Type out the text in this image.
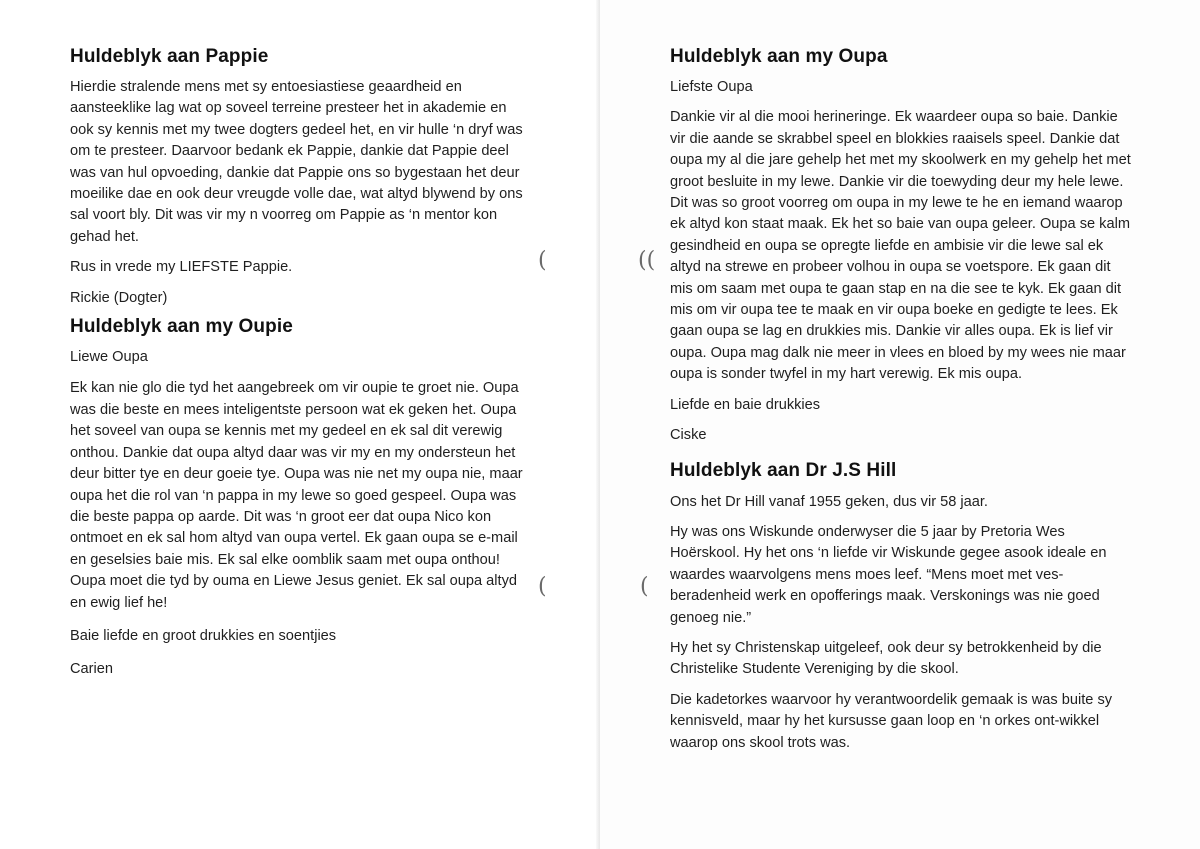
Huldeblyk aan Pappie

Hierdie stralende mens met sy entoesiastiese geaardheid en aansteeklike lag wat op soveel terreine presteer het in akademie en ook sy kennis met my twee dogters gedeel het, en vir hulle ‘n dryf was om te presteer. Daarvoor bedank ek Pappie, dankie dat Pappie deel was van hul opvoeding, dankie dat Pappie ons so bygestaan het deur moeilike dae en ook deur vreugde volle dae, wat altyd blywend by ons sal voort bly. Dit was vir my n voorreg om Pappie as ‘n mentor kon gehad het.

Rus in vrede my LIEFSTE Pappie.

Rickie (Dogter)

Huldeblyk aan my Oupie

Liewe Oupa

Ek kan nie glo die tyd het aangebreek om vir oupie te groet nie. Oupa was die beste en mees inteligentste persoon wat ek geken het. Oupa het soveel van oupa se kennis met my gedeel en ek sal dit verewig onthou. Dankie dat oupa altyd daar was vir my en my ondersteun het deur bitter tye en deur goeie tye. Oupa was nie net my oupa nie, maar oupa het die rol van ‘n pappa in my lewe so goed gespeel. Oupa was die beste pappa op aarde. Dit was ‘n groot eer dat oupa Nico kon ontmoet en ek sal hom altyd van oupa vertel. Ek gaan oupa se e-mail en geselsies baie mis. Ek sal elke oomblik saam met oupa onthou! Oupa moet die tyd by ouma en Liewe Jesus geniet. Ek sal oupa altyd en ewig lief he!

Baie liefde en groot drukkies en soentjies

Carien

(
(
((
(
Huldeblyk aan my Oupa

Liefste Oupa

Dankie vir al die mooi herineringe. Ek waardeer oupa so baie. Dankie vir die aande se skrabbel speel en blokkies raaisels speel. Dankie dat oupa my al die jare gehelp het met my skoolwerk en my gehelp het met groot besluite in my lewe. Dankie vir die toewyding deur my hele lewe. Dit was so groot voorreg om oupa in my lewe te he en iemand waarop ek altyd kon staat maak. Ek het so baie van oupa geleer. Oupa se kalm gesindheid en oupa se opregte liefde en ambisie vir die lewe sal ek altyd na strewe en probeer volhou in oupa se voetspore. Ek gaan dit mis om saam met oupa te gaan stap en na die see te kyk. Ek gaan dit mis om vir oupa tee te maak en vir oupa boeke en gedigte te lees. Ek gaan oupa se lag en drukkies mis. Dankie vir alles oupa. Ek is lief vir oupa. Oupa mag dalk nie meer in vlees en bloed by my wees nie maar oupa is sonder twyfel in my hart verewig. Ek mis oupa.

Liefde en baie drukkies

Ciske

Huldeblyk aan Dr J.S Hill

Ons het Dr Hill vanaf 1955 geken, dus vir 58 jaar.

Hy was ons Wiskunde onderwyser die 5 jaar by Pretoria Wes Hoërskool. Hy het ons ‘n liefde vir Wiskunde gegee asook ideale en waardes waarvolgens mens moes leef. “Mens moet met ves-beradenheid werk en opofferings maak. Verskonings was nie goed genoeg nie.”

Hy het sy Christenskap uitgeleef, ook deur sy betrokkenheid by die Christelike Studente Vereniging by die skool.

Die kadetorkes waarvoor hy verantwoordelik gemaak is was buite sy kennisveld, maar hy het kursusse gaan loop en ‘n orkes ont-wikkel waarop ons skool trots was.
